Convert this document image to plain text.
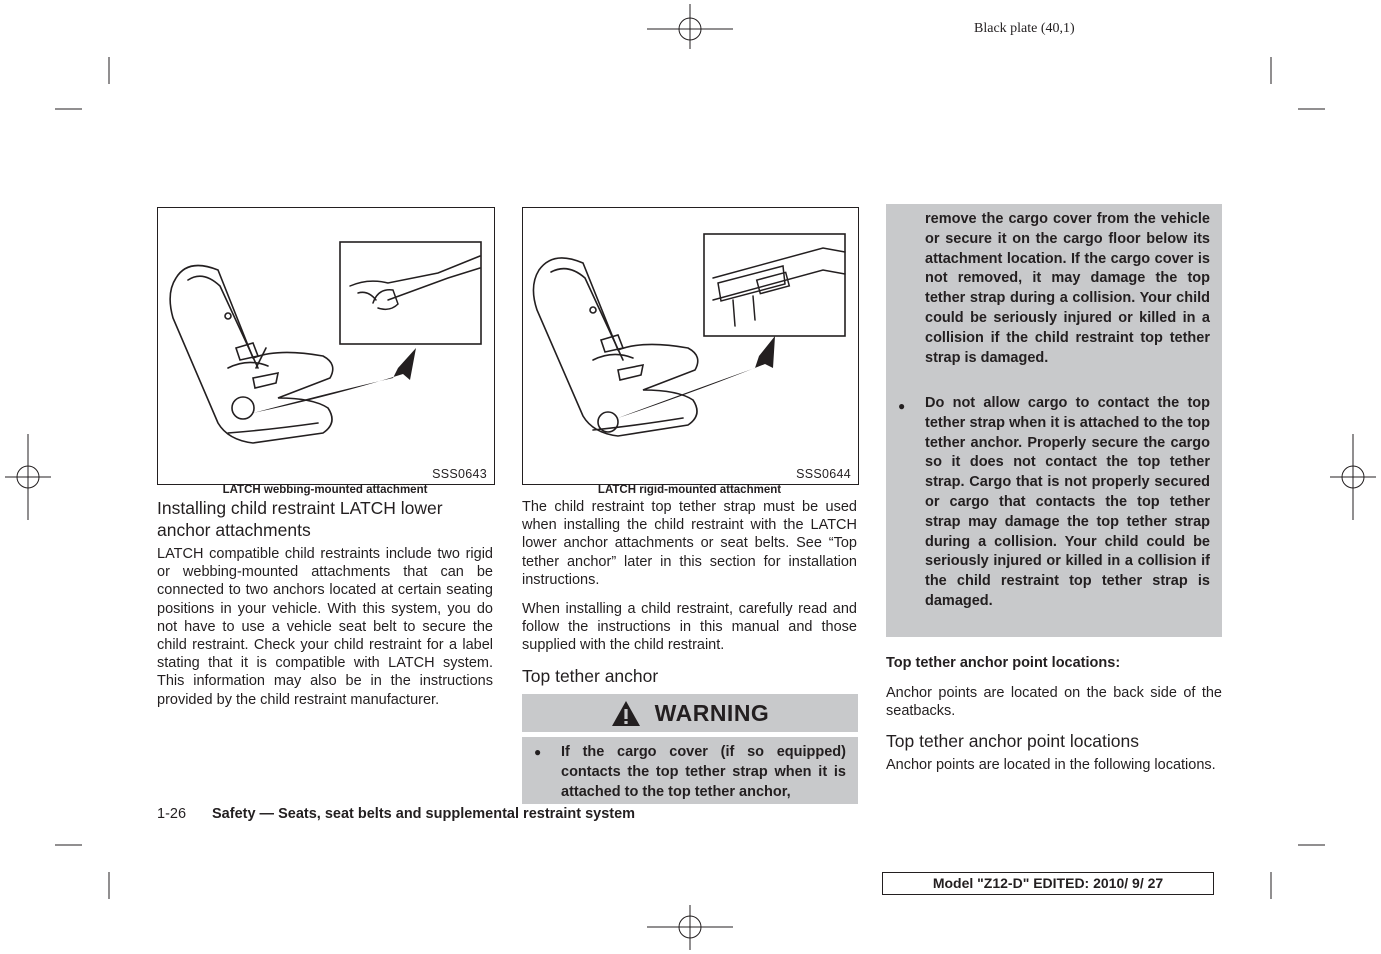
Black plate (40,1)
SSS0643
LATCH webbing-mounted attachment
SSS0644
LATCH rigid-mounted attachment
Installing child restraint LATCH lower anchor attachments
LATCH compatible child restraints include two rigid or webbing-mounted attachments that can be connected to two anchors located at certain seating positions in your vehicle. With this system, you do not have to use a vehicle seat belt to secure the child restraint. Check your child restraint for a label stating that it is compatible with LATCH system. This information may also be in the instructions provided by the child restraint manufacturer.
The child restraint top tether strap must be used when installing the child restraint with the LATCH lower anchor attachments or seat belts. See “Top tether anchor” later in this section for installation instructions.
When installing a child restraint, carefully read and follow the instructions in this manual and those supplied with the child restraint.
Top tether anchor
WARNING
● If the cargo cover (if so equipped) contacts the top tether strap when it is attached to the top tether anchor,
remove the cargo cover from the vehicle or secure it on the cargo floor below its attachment location. If the cargo cover is not removed, it may damage the top tether strap during a collision. Your child could be seriously injured or killed in a collision if the child restraint top tether strap is damaged.
● Do not allow cargo to contact the top tether strap when it is attached to the top tether anchor. Properly secure the cargo so it does not contact the top tether strap. Cargo that is not properly secured or cargo that contacts the top tether strap may damage the top tether strap during a collision. Your child could be seriously injured or killed in a collision if the child restraint top tether strap is damaged.
Top tether anchor point locations:
Anchor points are located on the back side of the seatbacks.
Top tether anchor point locations
Anchor points are located in the following locations.
1-26 Safety — Seats, seat belts and supplemental restraint system
Model "Z12-D" EDITED: 2010/ 9/ 27
